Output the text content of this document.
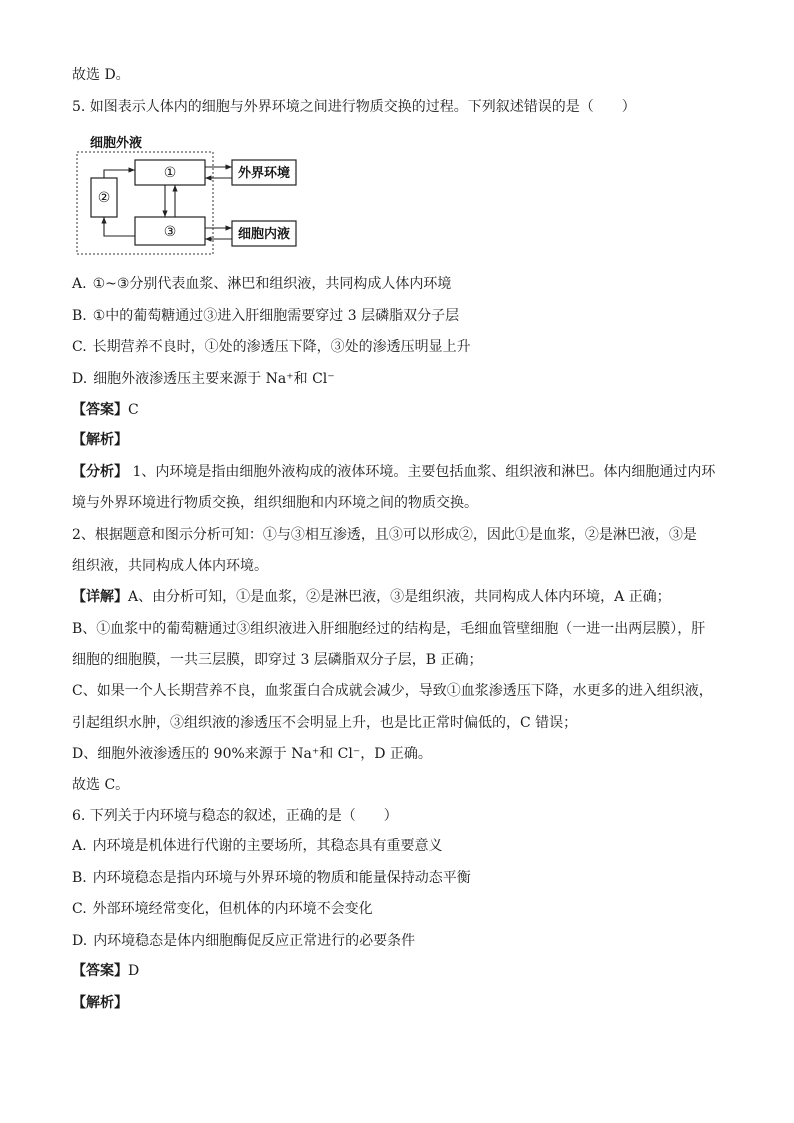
故选 D。
5. 如图表示人体内的细胞与外界环境之间进行物质交换的过程。下列叙述错误的是（　　）
细胞外液
①
②
③
外界环境
细胞内液
A. ①~③分别代表血浆、淋巴和组织液，共同构成人体内环境
B. ①中的葡萄糖通过③进入肝细胞需要穿过 3 层磷脂双分子层
C. 长期营养不良时，①处的渗透压下降，③处的渗透压明显上升
D. 细胞外液渗透压主要来源于 Na⁺和 Cl⁻
【答案】C
【解析】
【分析】 1、内环境是指由细胞外液构成的液体环境。主要包括血浆、组织液和淋巴。体内细胞通过内环
境与外界环境进行物质交换，组织细胞和内环境之间的物质交换。
2、根据题意和图示分析可知：①与③相互渗透，且③可以形成②，因此①是血浆，②是淋巴液，③是
组织液，共同构成人体内环境。
【详解】A、由分析可知，①是血浆，②是淋巴液，③是组织液，共同构成人体内环境，A 正确；
B、①血浆中的葡萄糖通过③组织液进入肝细胞经过的结构是，毛细血管壁细胞（一进一出两层膜），肝
细胞的细胞膜，一共三层膜，即穿过 3 层磷脂双分子层，B 正确；
C、如果一个人长期营养不良，血浆蛋白合成就会减少，导致①血浆渗透压下降，水更多的进入组织液，
引起组织水肿，③组织液的渗透压不会明显上升，也是比正常时偏低的，C 错误；
D、细胞外液渗透压的 90%来源于 Na⁺和 Cl⁻，D 正确。
故选 C。
6. 下列关于内环境与稳态的叙述，正确的是（　　）
A. 内环境是机体进行代谢的主要场所，其稳态具有重要意义
B. 内环境稳态是指内环境与外界环境的物质和能量保持动态平衡
C. 外部环境经常变化，但机体的内环境不会变化
D. 内环境稳态是体内细胞酶促反应正常进行的必要条件
【答案】D
【解析】
